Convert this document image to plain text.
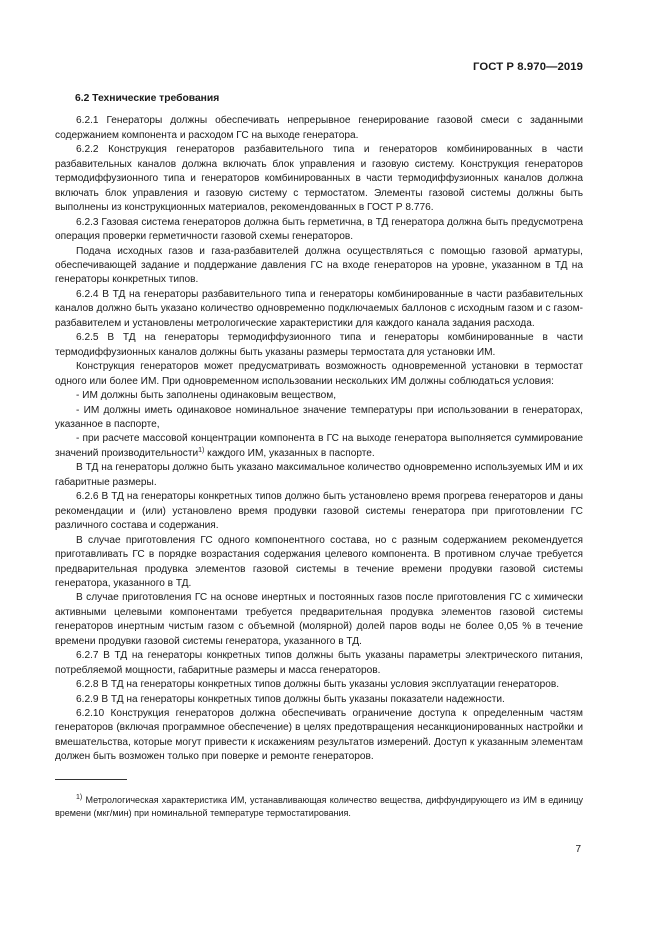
ГОСТ Р 8.970—2019

6.2 Технические требования

6.2.1 Генераторы должны обеспечивать непрерывное генерирование газовой смеси с заданными содержанием компонента и расходом ГС на выходе генератора.

6.2.2 Конструкция генераторов разбавительного типа и генераторов комбинированных в части разбавительных каналов должна включать блок управления и газовую систему. Конструкция генераторов термодиффузионного типа и генераторов комбинированных в части термодиффузионных каналов должна включать блок управления и газовую систему с термостатом. Элементы газовой системы должны быть выполнены из конструкционных материалов, рекомендованных в ГОСТ Р 8.776.

6.2.3 Газовая система генераторов должна быть герметична, в ТД генератора должна быть предусмотрена операция проверки герметичности газовой схемы генераторов.

Подача исходных газов и газа-разбавителей должна осуществляться с помощью газовой арматуры, обеспечивающей задание и поддержание давления ГС на входе генераторов на уровне, указанном в ТД на генераторы конкретных типов.

6.2.4 В ТД на генераторы разбавительного типа и генераторы комбинированные в части разбавительных каналов должно быть указано количество одновременно подключаемых баллонов с исходным газом и с газом-разбавителем и установлены метрологические характеристики для каждого канала задания расхода.

6.2.5 В ТД на генераторы термодиффузионного типа и генераторы комбинированные в части термодиффузионных каналов должны быть указаны размеры термостата для установки ИМ.

Конструкция генераторов может предусматривать возможность одновременной установки в термостат одного или более ИМ. При одновременном использовании нескольких ИМ должны соблюдаться условия:

- ИМ должны быть заполнены одинаковым веществом,

- ИМ должны иметь одинаковое номинальное значение температуры при использовании в генераторах, указанное в паспорте,

- при расчете массовой концентрации компонента в ГС на выходе генератора выполняется суммирование значений производительности$^{1)}$ каждого ИМ, указанных в паспорте.

В ТД на генераторы должно быть указано максимальное количество одновременно используемых ИМ и их габаритные размеры.

6.2.6 В ТД на генераторы конкретных типов должно быть установлено время прогрева генераторов и даны рекомендации и (или) установлено время продувки газовой системы генератора при приготовлении ГС различного состава и содержания.

В случае приготовления ГС одного компонентного состава, но с разным содержанием рекомендуется приготавливать ГС в порядке возрастания содержания целевого компонента. В противном случае требуется предварительная продувка элементов газовой системы в течение времени продувки газовой системы генератора, указанного в ТД.

В случае приготовления ГС на основе инертных и постоянных газов после приготовления ГС с химически активными целевыми компонентами требуется предварительная продувка элементов газовой системы генераторов инертным чистым газом с объемной (молярной) долей паров воды не более 0,05 % в течение времени продувки газовой системы генератора, указанного в ТД.

6.2.7 В ТД на генераторы конкретных типов должны быть указаны параметры электрического питания, потребляемой мощности, габаритные размеры и масса генераторов.

6.2.8 В ТД на генераторы конкретных типов должны быть указаны условия эксплуатации генераторов.

6.2.9 В ТД на генераторы конкретных типов должны быть указаны показатели надежности.

6.2.10 Конструкция генераторов должна обеспечивать ограничение доступа к определенным частям генераторов (включая программное обеспечение) в целях предотвращения несанкционированных настройки и вмешательства, которые могут привести к искажениям результатов измерений. Доступ к указанным элементам должен быть возможен только при поверке и ремонте генераторов.

$^{1)}$ Метрологическая характеристика ИМ, устанавливающая количество вещества, диффундирующего из ИМ в единицу времени (мкг/мин) при номинальной температуре термостатирования.

7
